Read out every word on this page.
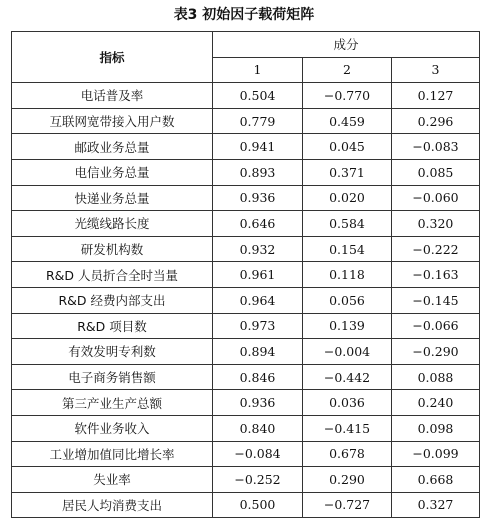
表3 初始因子载荷矩阵
指标	成分		
	1	2	3
电话普及率	0.504	−0.770	0.127
互联网宽带接入用户数	0.779	0.459	0.296
邮政业务总量	0.941	0.045	−0.083
电信业务总量	0.893	0.371	0.085
快递业务总量	0.936	0.020	−0.060
光缆线路长度	0.646	0.584	0.320
研发机构数	0.932	0.154	−0.222
R&D 人员折合全时当量	0.961	0.118	−0.163
R&D 经费内部支出	0.964	0.056	−0.145
R&D 项目数	0.973	0.139	−0.066
有效发明专利数	0.894	−0.004	−0.290
电子商务销售额	0.846	−0.442	0.088
第三产业生产总额	0.936	0.036	0.240
软件业务收入	0.840	−0.415	0.098
工业增加值同比增长率	−0.084	0.678	−0.099
失业率	−0.252	0.290	0.668
居民人均消费支出	0.500	−0.727	0.327
